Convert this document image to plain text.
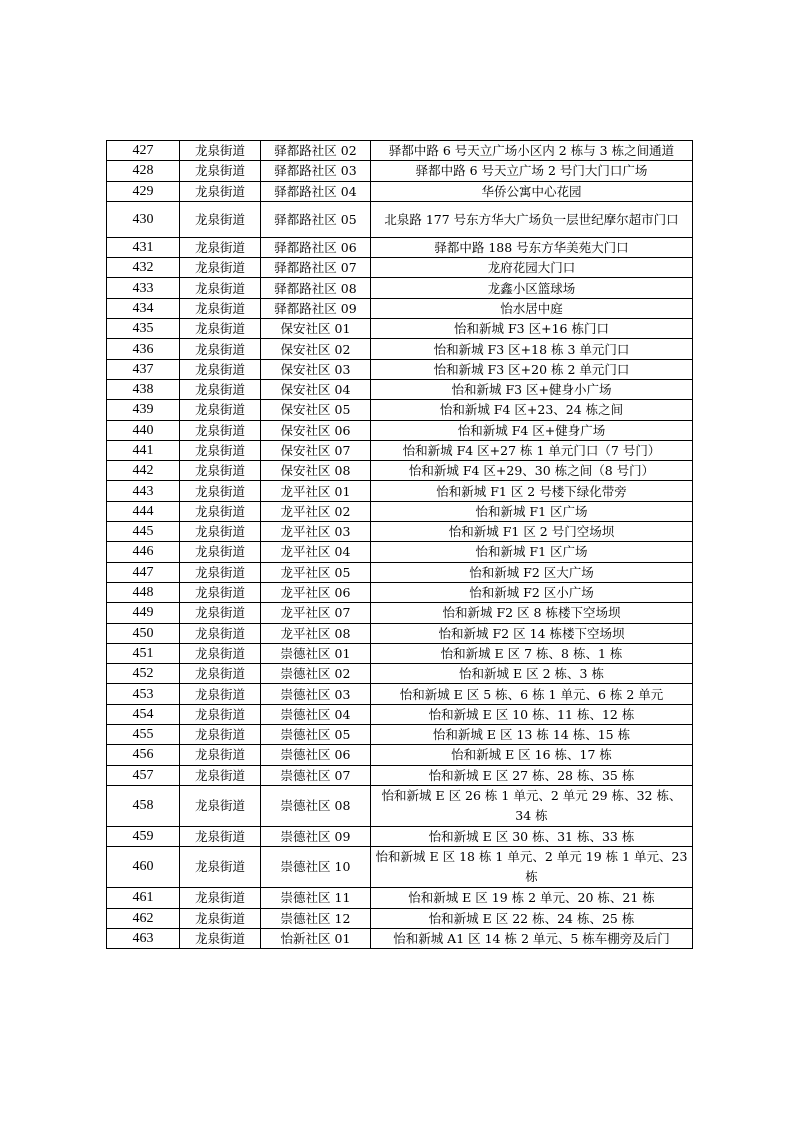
427	龙泉街道	驿都路社区 02	驿都中路 6 号天立广场小区内 2 栋与 3 栋之间通道
428	龙泉街道	驿都路社区 03	驿都中路 6 号天立广场 2 号门大门口广场
429	龙泉街道	驿都路社区 04	华侨公寓中心花园
430	龙泉街道	驿都路社区 05	北泉路 177 号东方华大广场负一层世纪摩尔超市门口
431	龙泉街道	驿都路社区 06	驿都中路 188 号东方华美苑大门口
432	龙泉街道	驿都路社区 07	龙府花园大门口
433	龙泉街道	驿都路社区 08	龙鑫小区篮球场
434	龙泉街道	驿都路社区 09	怡水居中庭
435	龙泉街道	保安社区 01	怡和新城 F3 区+16 栋门口
436	龙泉街道	保安社区 02	怡和新城 F3 区+18 栋 3 单元门口
437	龙泉街道	保安社区 03	怡和新城 F3 区+20 栋 2 单元门口
438	龙泉街道	保安社区 04	怡和新城 F3 区+健身小广场
439	龙泉街道	保安社区 05	怡和新城 F4 区+23、24 栋之间
440	龙泉街道	保安社区 06	怡和新城 F4 区+健身广场
441	龙泉街道	保安社区 07	怡和新城 F4 区+27 栋 1 单元门口（7 号门）
442	龙泉街道	保安社区 08	怡和新城 F4 区+29、30 栋之间（8 号门）
443	龙泉街道	龙平社区 01	怡和新城 F1 区 2 号楼下绿化带旁
444	龙泉街道	龙平社区 02	怡和新城 F1 区广场
445	龙泉街道	龙平社区 03	怡和新城 F1 区 2 号门空场坝
446	龙泉街道	龙平社区 04	怡和新城 F1 区广场
447	龙泉街道	龙平社区 05	怡和新城 F2 区大广场
448	龙泉街道	龙平社区 06	怡和新城 F2 区小广场
449	龙泉街道	龙平社区 07	怡和新城 F2 区 8 栋楼下空场坝
450	龙泉街道	龙平社区 08	怡和新城 F2 区 14 栋楼下空场坝
451	龙泉街道	崇德社区 01	怡和新城 E 区 7 栋、8 栋、1 栋
452	龙泉街道	崇德社区 02	怡和新城 E 区 2 栋、3 栋
453	龙泉街道	崇德社区 03	怡和新城 E 区 5 栋、6 栋 1 单元、6 栋 2 单元
454	龙泉街道	崇德社区 04	怡和新城 E 区 10 栋、11 栋、12 栋
455	龙泉街道	崇德社区 05	怡和新城 E 区 13 栋 14 栋、15 栋
456	龙泉街道	崇德社区 06	怡和新城 E 区 16 栋、17 栋
457	龙泉街道	崇德社区 07	怡和新城 E 区 27 栋、28 栋、35 栋
458	龙泉街道	崇德社区 08	怡和新城 E 区 26 栋 1 单元、2 单元 29 栋、32 栋、34 栋
459	龙泉街道	崇德社区 09	怡和新城 E 区 30 栋、31 栋、33 栋
460	龙泉街道	崇德社区 10	怡和新城 E 区 18 栋 1 单元、2 单元 19 栋 1 单元、23 栋
461	龙泉街道	崇德社区 11	怡和新城 E 区 19 栋 2 单元、20 栋、21 栋
462	龙泉街道	崇德社区 12	怡和新城 E 区 22 栋、24 栋、25 栋
463	龙泉街道	怡新社区 01	怡和新城 A1 区 14 栋 2 单元、5 栋车棚旁及后门
